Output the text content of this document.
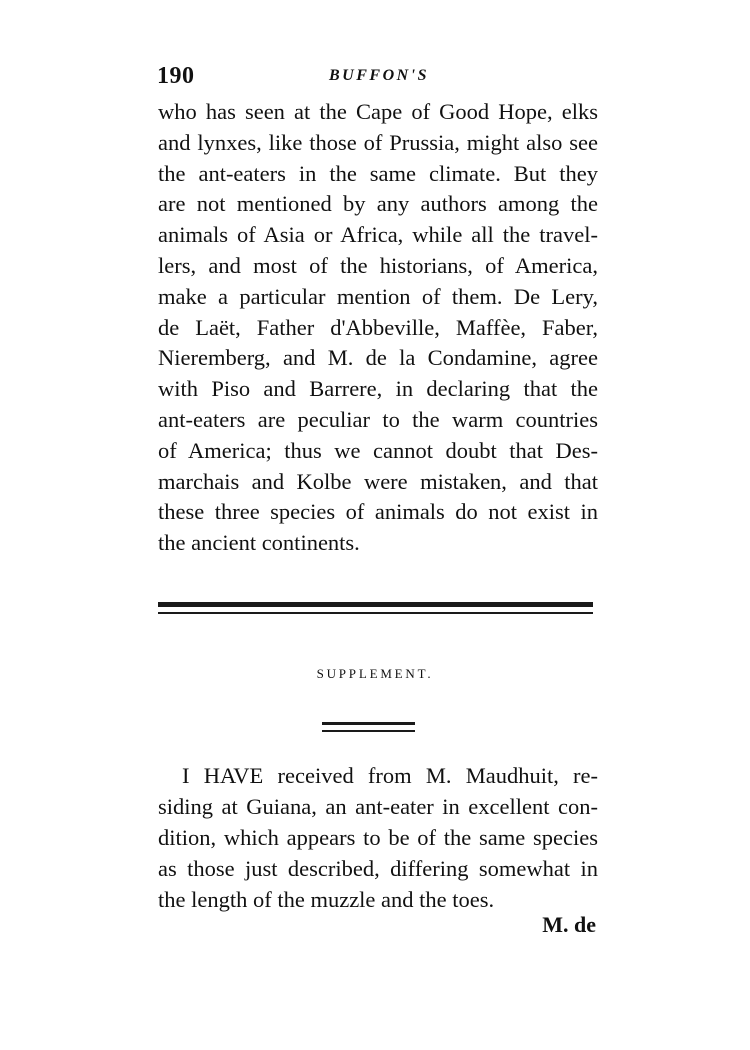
190	BUFFON'S
who has seen at the Cape of Good Hope, elks
and lynxes, like those of Prussia, might also see
the ant-eaters in the same climate. But they
are not mentioned by any authors among the
animals of Asia or Africa, while all the travel-
lers, and most of the historians, of America,
make a particular mention of them. De Lery,
de Laët, Father d'Abbeville, Maffèe, Faber,
Nieremberg, and M. de la Condamine, agree
with Piso and Barrere, in declaring that the
ant-eaters are peculiar to the warm countries
of America; thus we cannot doubt that Des-
marchais and Kolbe were mistaken, and that
these three species of animals do not exist in
the ancient continents.
SUPPLEMENT.
I HAVE received from M. Maudhuit, re-
siding at Guiana, an ant-eater in excellent con-
dition, which appears to be of the same species
as those just described, differing somewhat in
the length of the muzzle and the toes.
M. de
